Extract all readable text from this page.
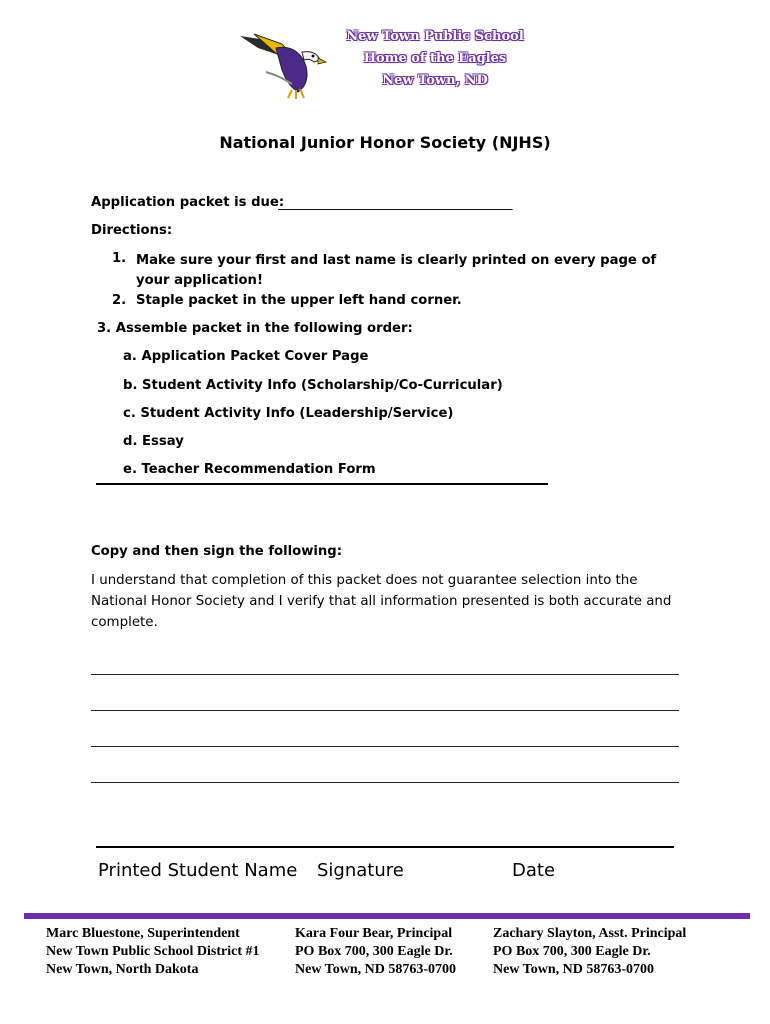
New Town Public School
Home of the Eagles
New Town, ND
National Junior Honor Society (NJHS)
Application packet is due:
_______________________________________
Directions:
1. Make sure your first and last name is clearly printed on every page of your application!
2. Staple packet in the upper left hand corner.
3. Assemble packet in the following order:
a. Application Packet Cover Page
b. Student Activity Info (Scholarship/Co-Curricular)
c. Student Activity Info (Leadership/Service)
d. Essay
e. Teacher Recommendation Form
Copy and then sign the following:
I understand that completion of this packet does not guarantee selection into the National Honor Society and I verify that all information presented is both accurate and complete.
Printed Student Name Signature	Date
Marc Bluestone, Superintendent
New Town Public School District #1
New Town, North Dakota
Kara Four Bear, Principal
PO Box 700, 300 Eagle Dr.
New Town, ND 58763-0700
Zachary Slayton, Asst. Principal
PO Box 700, 300 Eagle Dr.
New Town, ND 58763-0700
